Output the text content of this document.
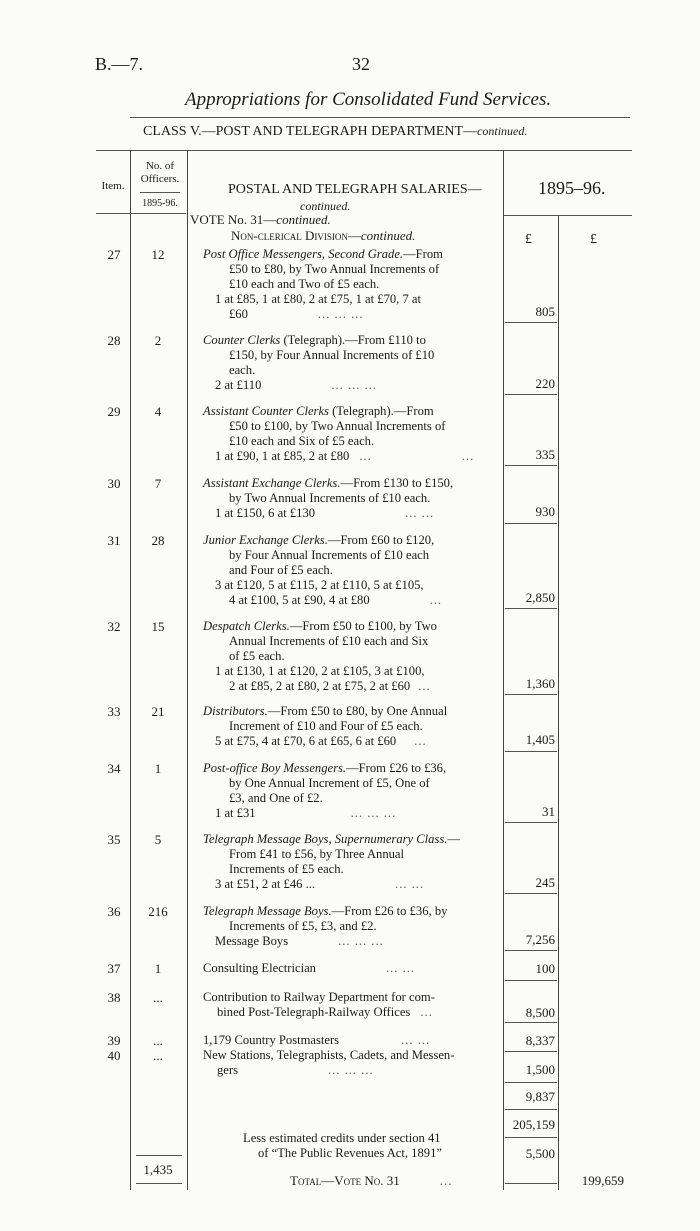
B.—7.	32
Appropriations for Consolidated Fund Services.
CLASS V.—POST AND TELEGRAPH DEPARTMENT—continued.
Item.
No. of
Officers.
1895-96.
POSTAL AND TELEGRAPH SALARIES—
continued.
1895–96.
VOTE No. 31—continued.
Non-clerical Division—continued.	£	£
27	12	Post Office Messengers, Second Grade.—From
£50 to £80, by Two Annual Increments of
£10 each and Two of £5 each.
1 at £85, 1 at £80, 2 at £75, 1 at £70, 7 at
£60	... ... ...	805
28	2	Counter Clerks (Telegraph).—From £110 to
£150, by Four Annual Increments of £10
each.
2 at £110	... ... ...	220
29	4	Assistant Counter Clerks (Telegraph).—From
£50 to £100, by Two Annual Increments of
£10 each and Six of £5 each.
1 at £90, 1 at £85, 2 at £80 ...	...	335
30	7	Assistant Exchange Clerks.—From £130 to £150,
by Two Annual Increments of £10 each.
1 at £150, 6 at £130	... ...	930
31	28	Junior Exchange Clerks.—From £60 to £120,
by Four Annual Increments of £10 each
and Four of £5 each.
3 at £120, 5 at £115, 2 at £110, 5 at £105,
4 at £100, 5 at £90, 4 at £80	...	2,850
32	15	Despatch Clerks.—From £50 to £100, by Two
Annual Increments of £10 each and Six
of £5 each.
1 at £130, 1 at £120, 2 at £105, 3 at £100,
2 at £85, 2 at £80, 2 at £75, 2 at £60 ...	1,360
33	21	Distributors.—From £50 to £80, by One Annual
Increment of £10 and Four of £5 each.
5 at £75, 4 at £70, 6 at £65, 6 at £60 ...	1,405
34	1	Post-office Boy Messengers.—From £26 to £36,
by One Annual Increment of £5, One of
£3, and One of £2.
1 at £31	... ... ...	31
35	5	Telegraph Message Boys, Supernumerary Class.—
From £41 to £56, by Three Annual
Increments of £5 each.
3 at £51, 2 at £46 ...	... ...	245
36	216	Telegraph Message Boys.—From £26 to £36, by
Increments of £5, £3, and £2.
Message Boys	... ... ...	7,256
37	1	Consulting Electrician	... ...	100
38	...	Contribution to Railway Department for com-
bined Post-Telegraph-Railway Offices ...	8,500
39	...	1,179 Country Postmasters	... ...	8,337
40	...	New Stations, Telegraphists, Cadets, and Messen-
gers	... ... ...	1,500
9,837
205,159
Less estimated credits under section 41
of “The Public Revenues Act, 1891”	5,500
1,435
Total—Vote No. 31	...	199,659
